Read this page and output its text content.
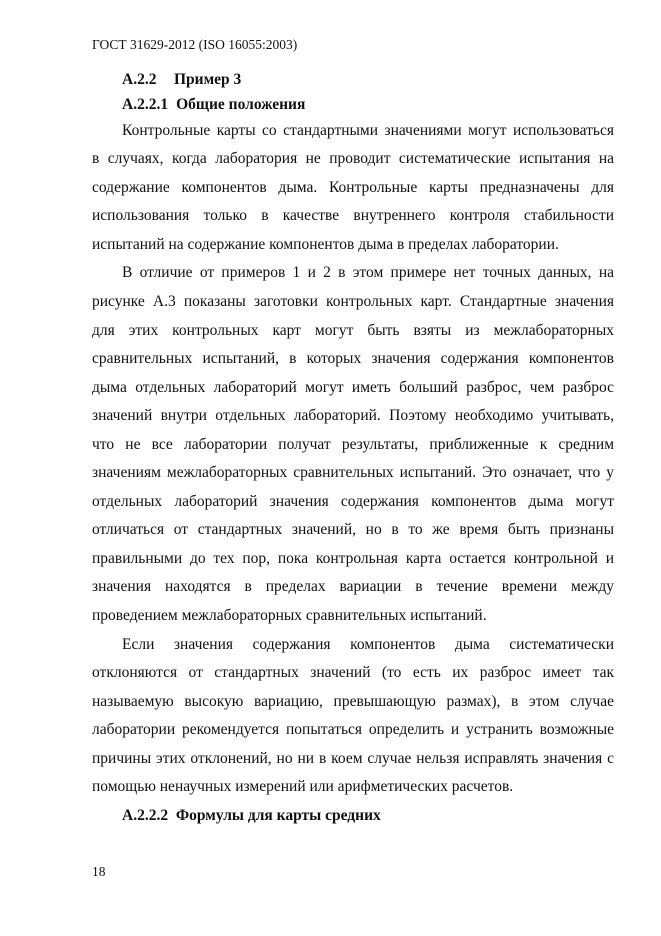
ГОСТ 31629-2012 (ISO 16055:2003)
А.2.2 Пример 3
А.2.2.1 Общие положения
Контрольные карты со стандартными значениями могут использоваться
в случаях, когда лаборатория не проводит систематические испытания на
содержание компонентов дыма. Контрольные карты предназначены для
использования только в качестве внутреннего контроля стабильности
испытаний на содержание компонентов дыма в пределах лаборатории.
В отличие от примеров 1 и 2 в этом примере нет точных данных, на
рисунке А.3 показаны заготовки контрольных карт. Стандартные значения
для этих контрольных карт могут быть взяты из межлабораторных
сравнительных испытаний, в которых значения содержания компонентов
дыма отдельных лабораторий могут иметь больший разброс, чем разброс
значений внутри отдельных лабораторий. Поэтому необходимо учитывать,
что не все лаборатории получат результаты, приближенные к средним
значениям межлабораторных сравнительных испытаний. Это означает, что у
отдельных лабораторий значения содержания компонентов дыма могут
отличаться от стандартных значений, но в то же время быть признаны
правильными до тех пор, пока контрольная карта остается контрольной и
значения находятся в пределах вариации в течение времени между
проведением межлабораторных сравнительных испытаний.
Если значения содержания компонентов дыма систематически
отклоняются от стандартных значений (то есть их разброс имеет так
называемую высокую вариацию, превышающую размах), в этом случае
лаборатории рекомендуется попытаться определить и устранить возможные
причины этих отклонений, но ни в коем случае нельзя исправлять значения с
помощью ненаучных измерений или арифметических расчетов.
А.2.2.2 Формулы для карты средних
18
